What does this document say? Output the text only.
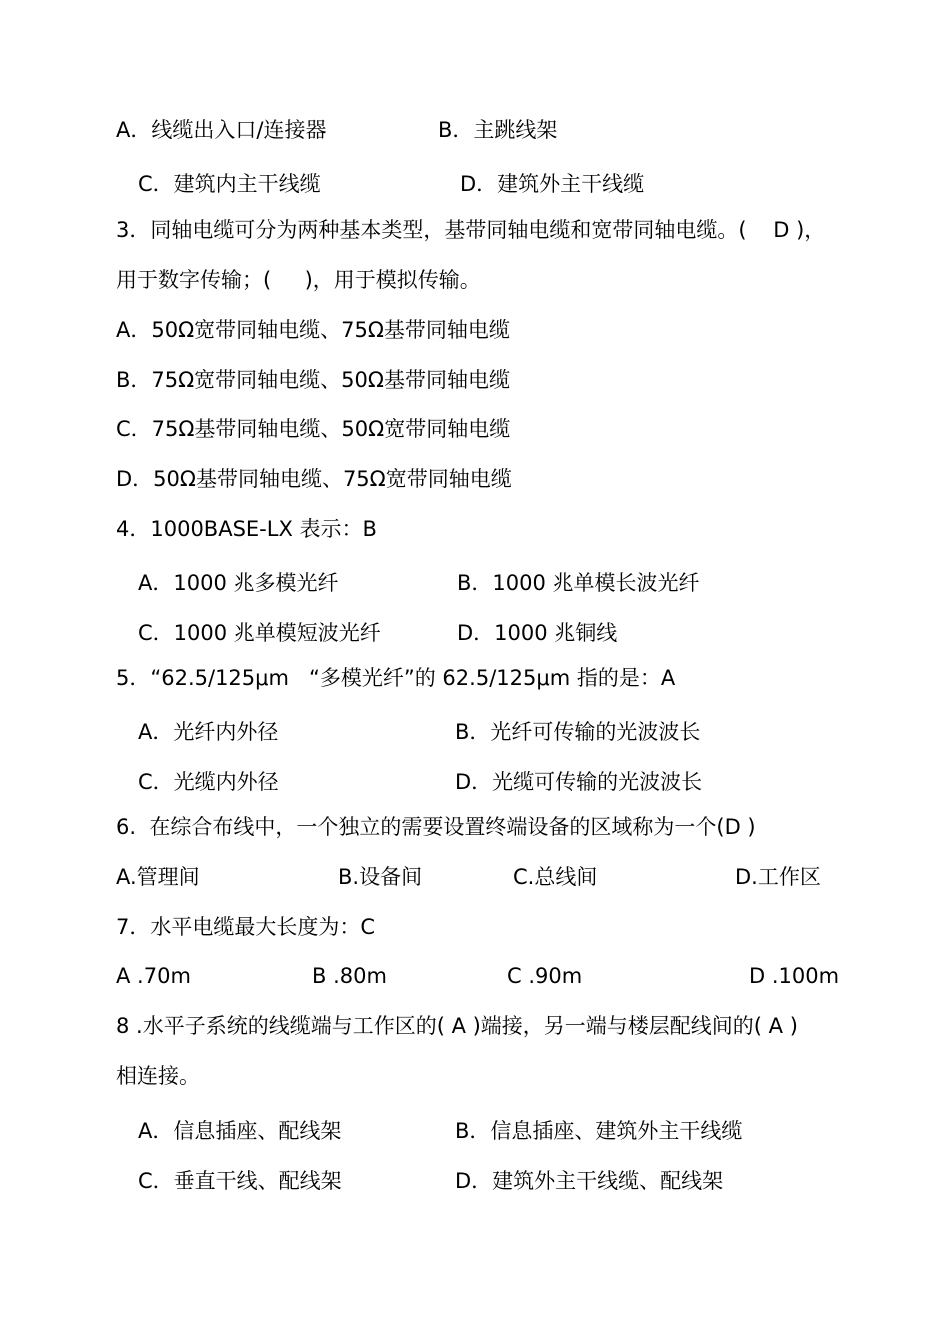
A．线缆出入口/连接器	B．主跳线架
C．建筑内主干线缆	D．建筑外主干线缆
3．同轴电缆可分为两种基本类型，基带同轴电缆和宽带同轴电缆。(    D )，
用于数字传输；(     )，用于模拟传输。
A．50Ω宽带同轴电缆、75Ω基带同轴电缆
B．75Ω宽带同轴电缆、50Ω基带同轴电缆
C．75Ω基带同轴电缆、50Ω宽带同轴电缆
D．50Ω基带同轴电缆、75Ω宽带同轴电缆
4．1000BASE-LX 表示：B
A．1000 兆多模光纤	B．1000 兆单模长波光纤
C．1000 兆单模短波光纤	D．1000 兆铜线
5．“62.5/125μm   “多模光纤”的 62.5/125μm 指的是：A
A．光纤内外径	B．光纤可传输的光波波长
C．光缆内外径	D．光缆可传输的光波波长
6.  在综合布线中，一个独立的需要设置终端设备的区域称为一个(D )
A.管理间	B.设备间	C.总线间	D.工作区
7．水平电缆最大长度为：C
A .70m	B .80m	C .90m	D .100m
8 .水平子系统的线缆端与工作区的( A )端接，另一端与楼层配线间的( A )
相连接。
A．信息插座、配线架	B．信息插座、建筑外主干线缆
C．垂直干线、配线架	D．建筑外主干线缆、配线架
